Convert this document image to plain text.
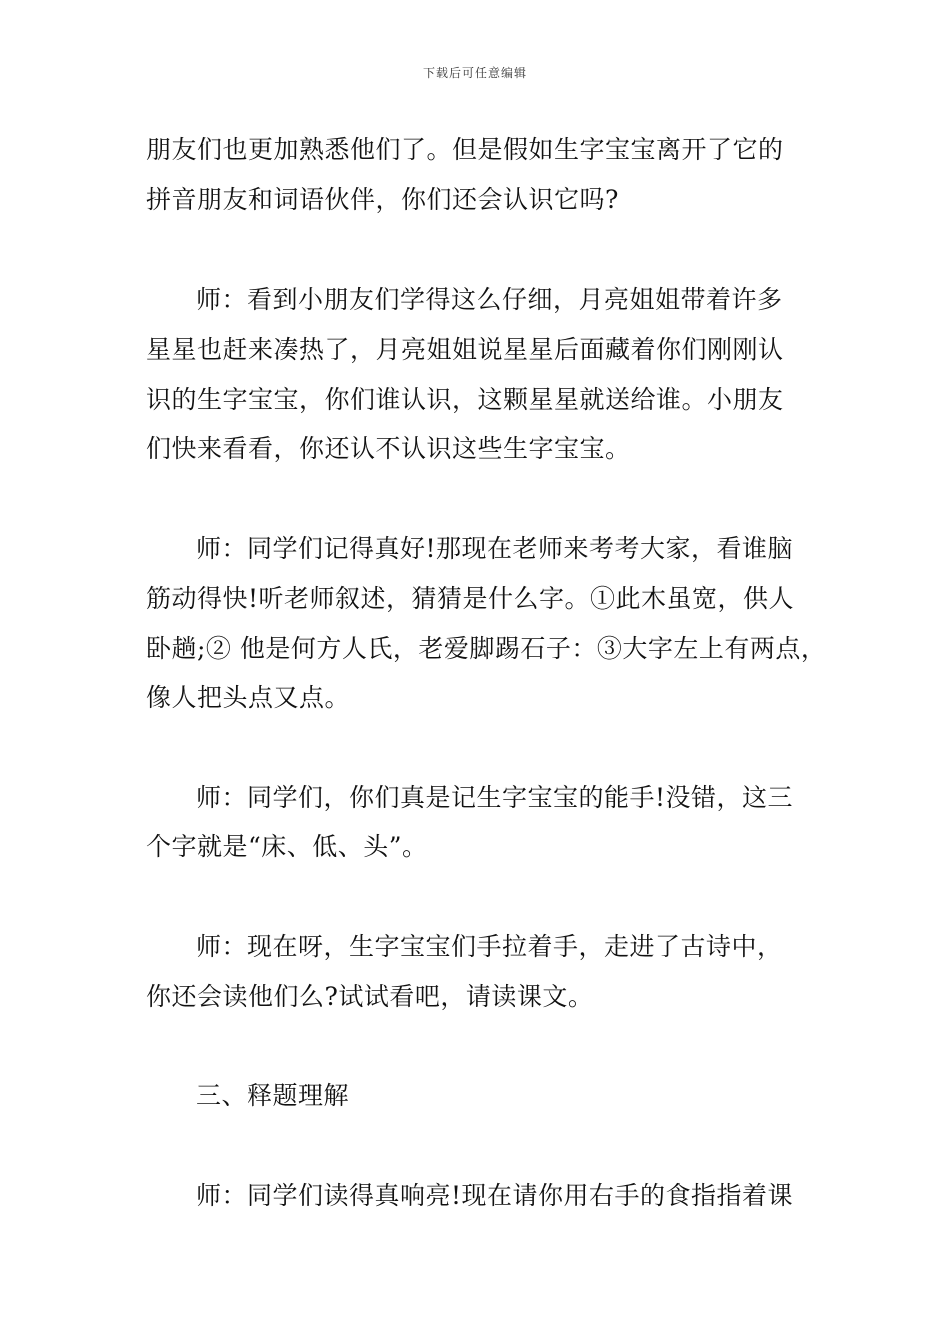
下载后可任意编辑
朋友们也更加熟悉他们了。但是假如生字宝宝离开了它的
拼音朋友和词语伙伴，你们还会认识它吗?
师：看到小朋友们学得这么仔细，月亮姐姐带着许多
星星也赶来凑热了，月亮姐姐说星星后面藏着你们刚刚认
识的生字宝宝，你们谁认识，这颗星星就送给谁。小朋友
们快来看看，你还认不认识这些生字宝宝。
师：同学们记得真好!那现在老师来考考大家，看谁脑
筋动得快!听老师叙述，猜猜是什么字。①此木虽宽，供人
卧趟;② 他是何方人氏，老爱脚踢石子：③大字左上有两点，
像人把头点又点。
师：同学们，你们真是记生字宝宝的能手!没错，这三
个字就是“床、低、头”。
师：现在呀，生字宝宝们手拉着手，走进了古诗中，
你还会读他们么?试试看吧，请读课文。
三、释题理解
师：同学们读得真响亮!现在请你用右手的食指指着课
